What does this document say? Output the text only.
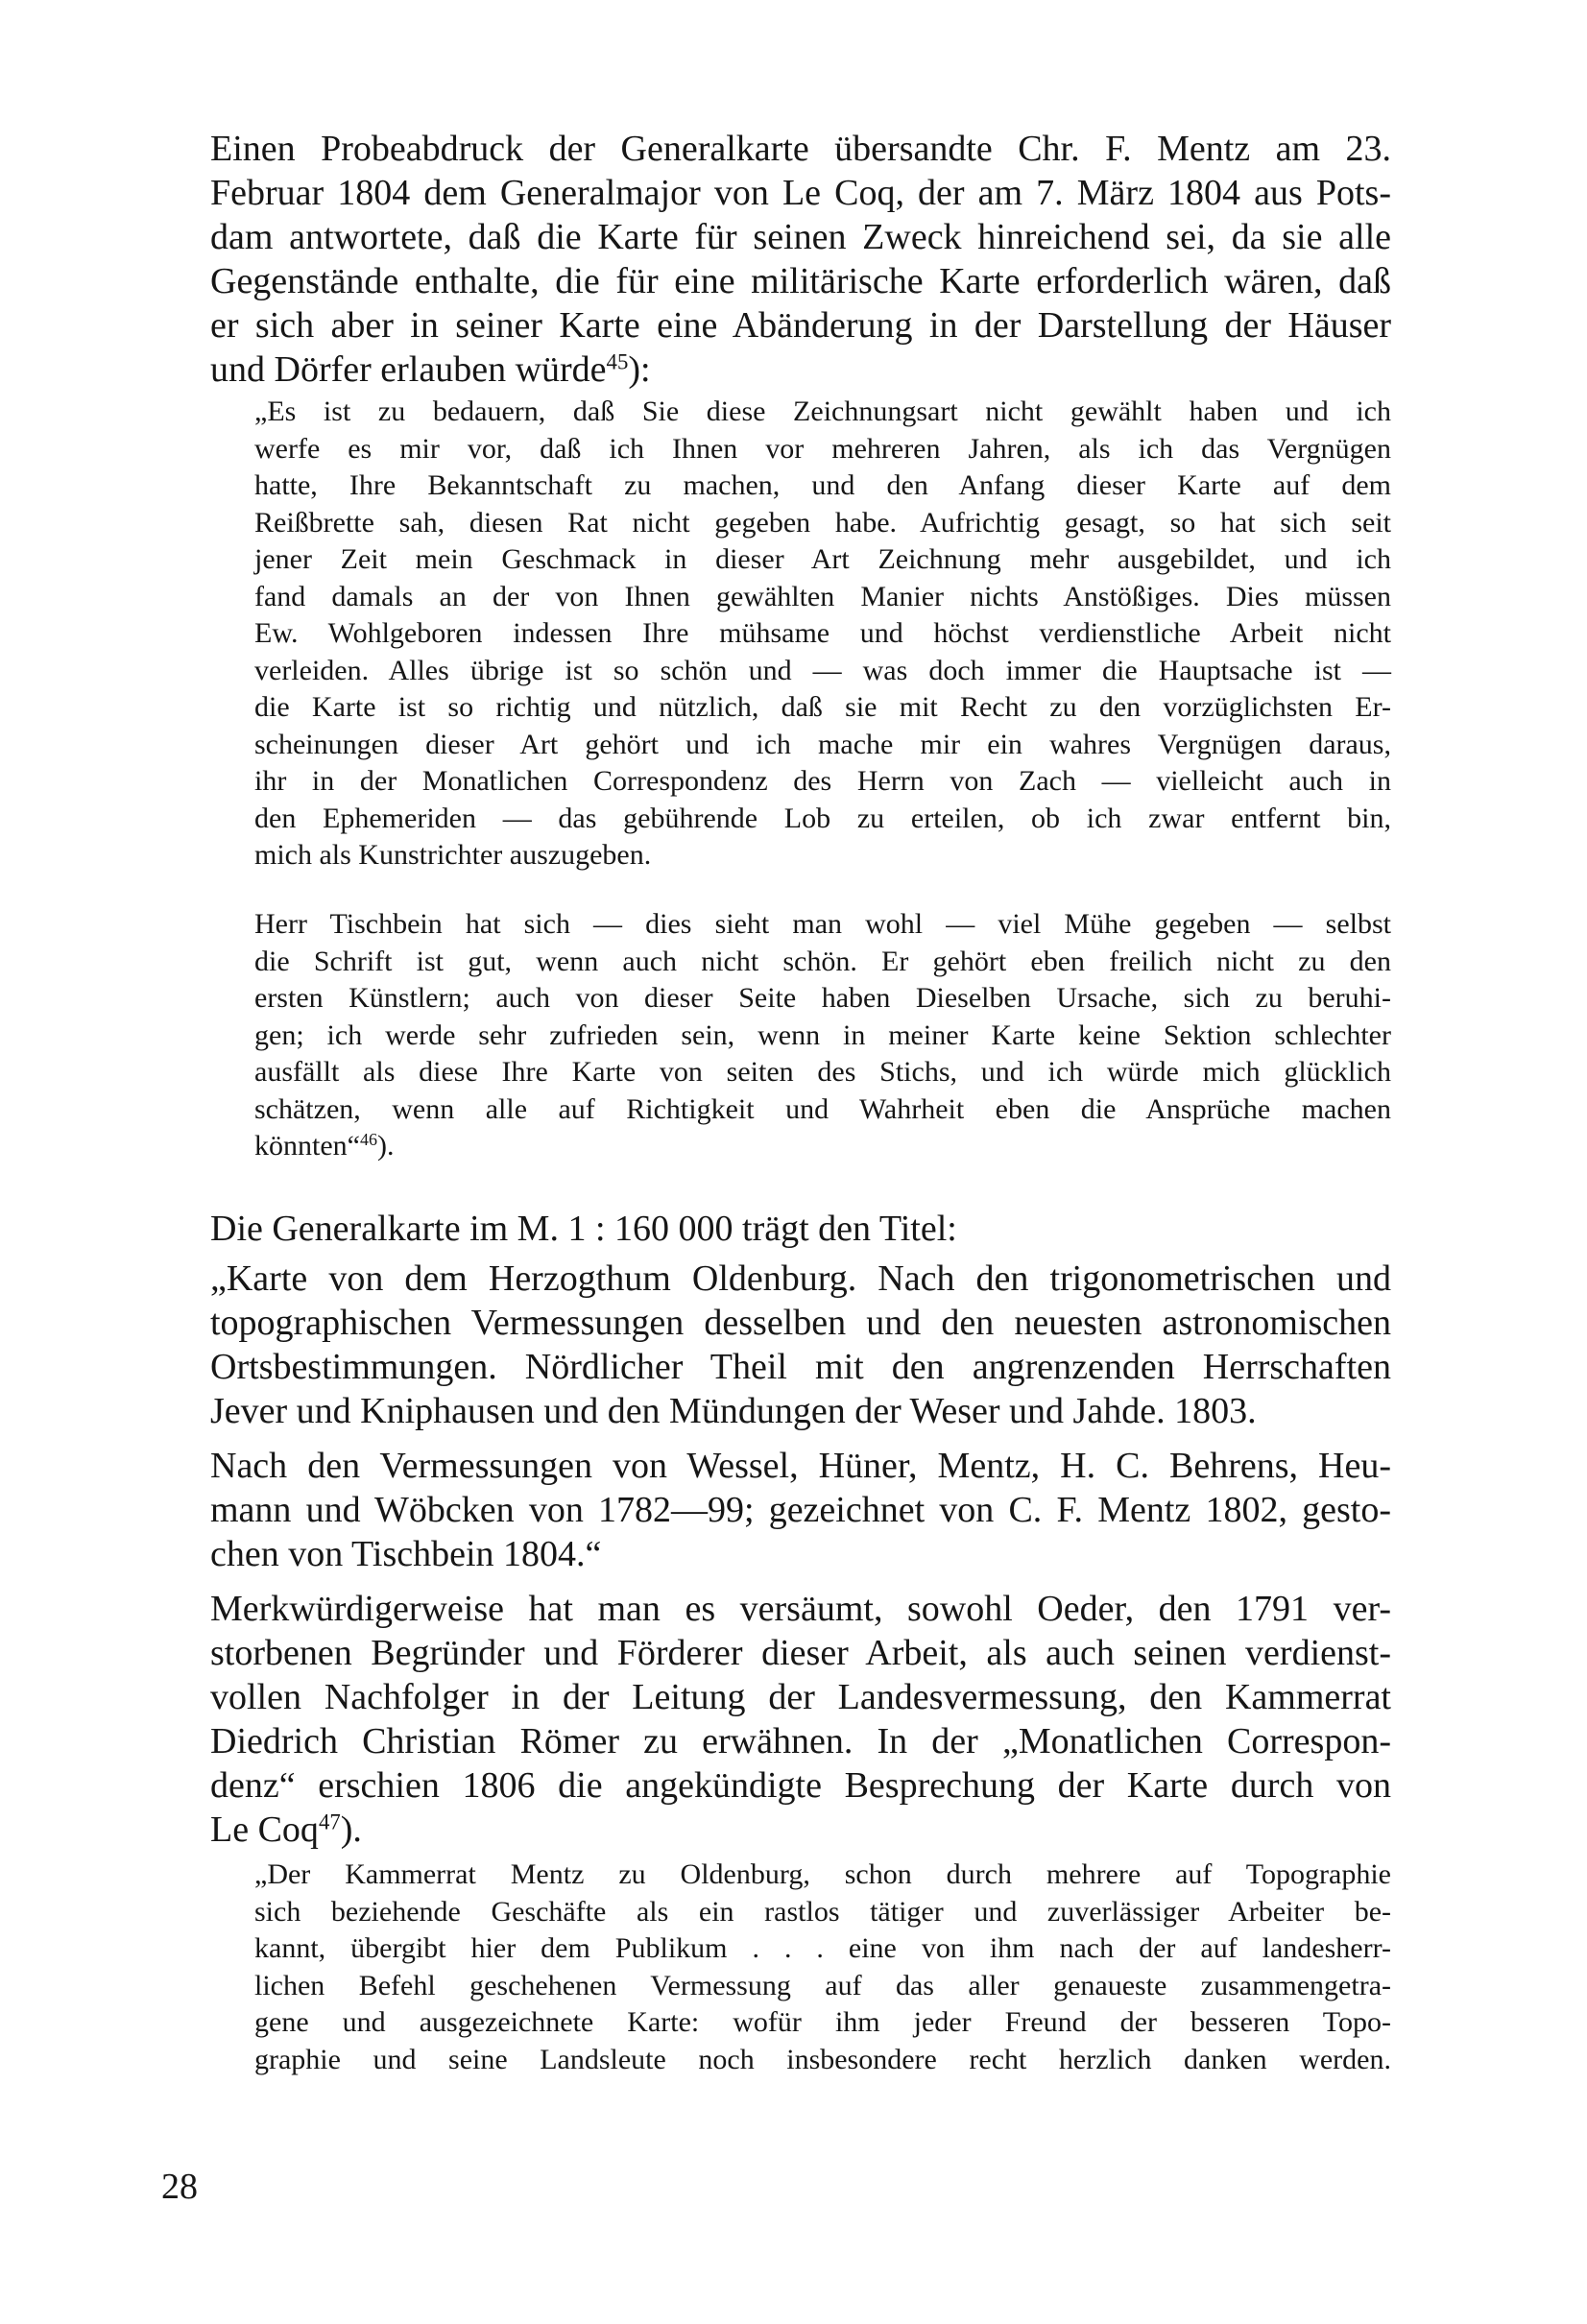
Einen Probeabdruck der Generalkarte übersandte Chr. F. Mentz am 23.
Februar 1804 dem Generalmajor von Le Coq, der am 7. März 1804 aus Pots-
dam antwortete, daß die Karte für seinen Zweck hinreichend sei, da sie alle
Gegenstände enthalte, die für eine militärische Karte erforderlich wären, daß
er sich aber in seiner Karte eine Abänderung in der Darstellung der Häuser
und Dörfer erlauben würde$^{45}$):
„Es ist zu bedauern, daß Sie diese Zeichnungsart nicht gewählt haben und ich
werfe es mir vor, daß ich Ihnen vor mehreren Jahren, als ich das Vergnügen
hatte, Ihre Bekanntschaft zu machen, und den Anfang dieser Karte auf dem
Reißbrette sah, diesen Rat nicht gegeben habe. Aufrichtig gesagt, so hat sich seit
jener Zeit mein Geschmack in dieser Art Zeichnung mehr ausgebildet, und ich
fand damals an der von Ihnen gewählten Manier nichts Anstößiges. Dies müssen
Ew. Wohlgeboren indessen Ihre mühsame und höchst verdienstliche Arbeit nicht
verleiden. Alles übrige ist so schön und — was doch immer die Hauptsache ist —
die Karte ist so richtig und nützlich, daß sie mit Recht zu den vorzüglichsten Er-
scheinungen dieser Art gehört und ich mache mir ein wahres Vergnügen daraus,
ihr in der Monatlichen Correspondenz des Herrn von Zach — vielleicht auch in
den Ephemeriden — das gebührende Lob zu erteilen, ob ich zwar entfernt bin,
mich als Kunstrichter auszugeben.
Herr Tischbein hat sich — dies sieht man wohl — viel Mühe gegeben — selbst
die Schrift ist gut, wenn auch nicht schön. Er gehört eben freilich nicht zu den
ersten Künstlern; auch von dieser Seite haben Dieselben Ursache, sich zu beruhi-
gen; ich werde sehr zufrieden sein, wenn in meiner Karte keine Sektion schlechter
ausfällt als diese Ihre Karte von seiten des Stichs, und ich würde mich glücklich
schätzen, wenn alle auf Richtigkeit und Wahrheit eben die Ansprüche machen
könnten“$^{46}$).
Die Generalkarte im M. 1 : 160 000 trägt den Titel:
„Karte von dem Herzogthum Oldenburg. Nach den trigonometrischen und
topographischen Vermessungen desselben und den neuesten astronomischen
Ortsbestimmungen. Nördlicher Theil mit den angrenzenden Herrschaften
Jever und Kniphausen und den Mündungen der Weser und Jahde. 1803.
Nach den Vermessungen von Wessel, Hüner, Mentz, H. C. Behrens, Heu-
mann und Wöbcken von 1782—99; gezeichnet von C. F. Mentz 1802, gesto-
chen von Tischbein 1804.“
Merkwürdigerweise hat man es versäumt, sowohl Oeder, den 1791 ver-
storbenen Begründer und Förderer dieser Arbeit, als auch seinen verdienst-
vollen Nachfolger in der Leitung der Landesvermessung, den Kammerrat
Diedrich Christian Römer zu erwähnen. In der „Monatlichen Correspon-
denz“ erschien 1806 die angekündigte Besprechung der Karte durch von
Le Coq$^{47}$).
„Der Kammerrat Mentz zu Oldenburg, schon durch mehrere auf Topographie
sich beziehende Geschäfte als ein rastlos tätiger und zuverlässiger Arbeiter be-
kannt, übergibt hier dem Publikum . . . eine von ihm nach der auf landesherr-
lichen Befehl geschehenen Vermessung auf das aller genaueste zusammengetra-
gene und ausgezeichnete Karte: wofür ihm jeder Freund der besseren Topo-
graphie und seine Landsleute noch insbesondere recht herzlich danken werden.
28
